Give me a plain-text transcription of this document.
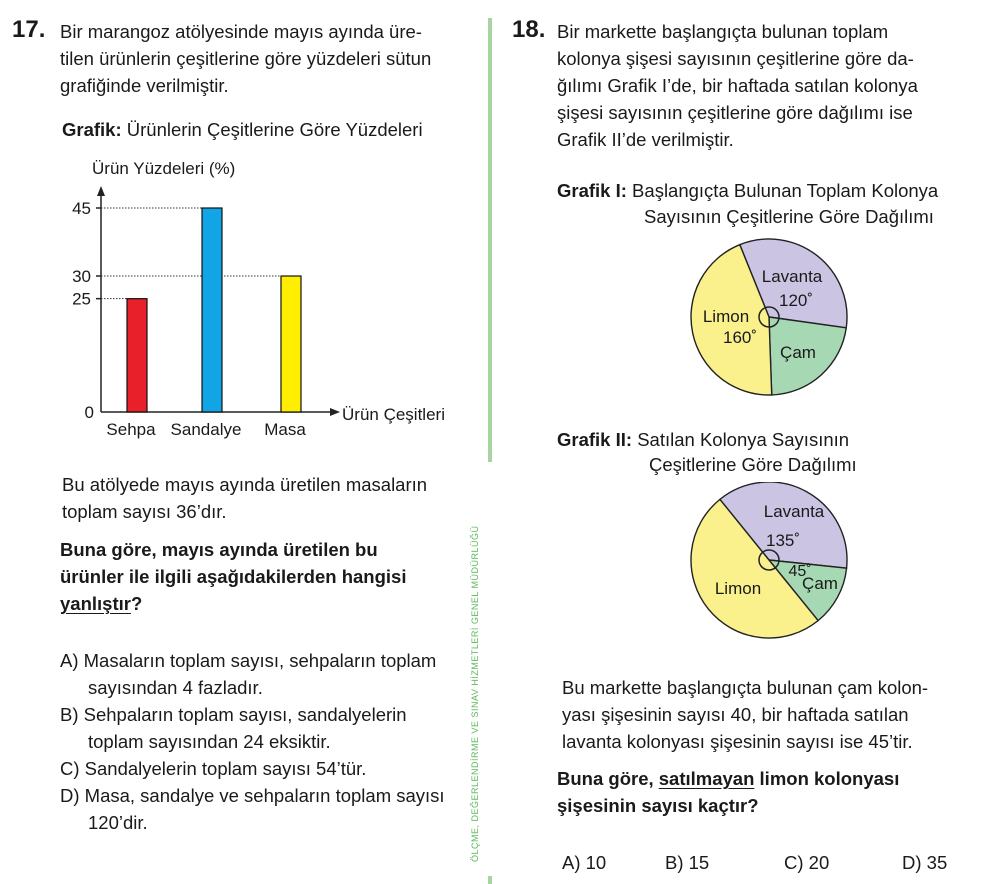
17. Bir marangoz atölyesinde mayıs ayında üre-
tilen ürünlerin çeşitlerine göre yüzdeleri sütun
grafiğinde verilmiştir.
Grafik: Ürünlerin Çeşitlerine Göre Yüzdeleri
Ürün Yüzdeleri (%)
Ürün Çeşitleri
0
25
30
45
Sehpa Sandalye Masa
Bu atölyede mayıs ayında üretilen masaların
toplam sayısı 36’dır.
Buna göre, mayıs ayında üretilen bu
ürünler ile ilgili aşağıdakilerden hangisi
yanlıştır?
A) Masaların toplam sayısı, sehpaların toplam
sayısından 4 fazladır.
B) Sehpaların toplam sayısı, sandalyelerin
toplam sayısından 24 eksiktir.
C) Sandalyelerin toplam sayısı 54’tür.
D) Masa, sandalye ve sehpaların toplam sayısı
120’dir.	ÖLÇME, DEĞERLENDİRME VE SINAV HİZMETLERİ GENEL MÜDÜRLÜĞÜ
18. Bir markette başlangıçta bulunan toplam
kolonya şişesi sayısının çeşitlerine göre da-
ğılımı Grafik I’de, bir haftada satılan kolonya
şişesi sayısının çeşitlerine göre dağılımı ise
Grafik II’de verilmiştir.
Grafik I: Başlangıçta Bulunan Toplam Kolonya
Sayısının Çeşitlerine Göre Dağılımı
Lavanta
120˚
Limon
160˚
Çam
Grafik II: Satılan Kolonya Sayısının
Çeşitlerine Göre Dağılımı
Lavanta
135˚
45˚
Çam
Limon
Bu markette başlangıçta bulunan çam kolon-
yası şişesinin sayısı 40, bir haftada satılan
lavanta kolonyası şişesinin sayısı ise 45’tir.
Buna göre, satılmayan limon kolonyası
şişesinin sayısı kaçtır?
A) 10	B) 15	C) 20	D) 35
